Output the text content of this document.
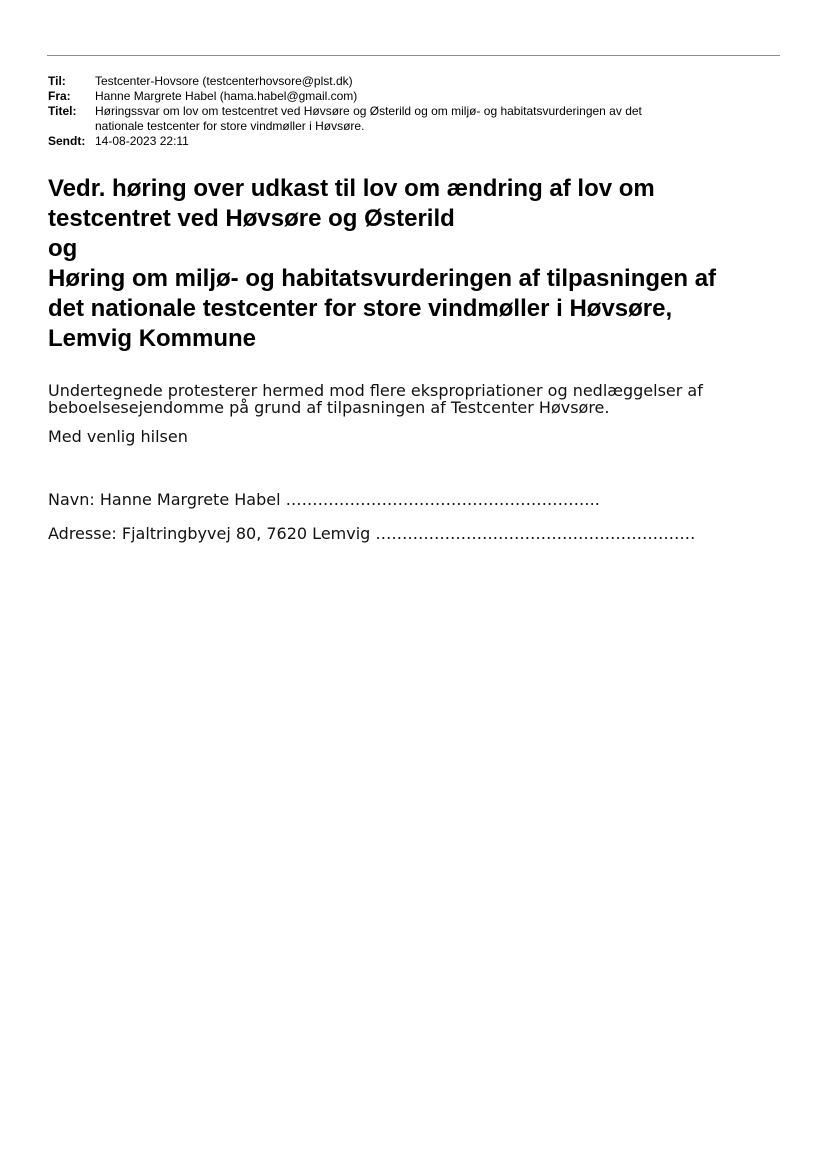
Til:	Testcenter-Hovsore (testcenterhovsore@plst.dk)
Fra:	Hanne Margrete Habel (hama.habel@gmail.com)
Titel:	Høringssvar om lov om testcentret ved Høvsøre og Østerild og om miljø- og habitatsvurderingen av det
nationale testcenter for store vindmøller i Høvsøre.
Sendt: 14-08-2023 22:11
Vedr. høring over udkast til lov om ændring af lov om
testcentret ved Høvsøre og Østerild
og
Høring om miljø- og habitatsvurderingen af tilpasningen af
det nationale testcenter for store vindmøller i Høvsøre,
Lemvig Kommune
Undertegnede protesterer hermed mod flere ekspropriationer og nedlæggelser af
beboelsesejendomme på grund af tilpasningen af Testcenter Høvsøre.
Med venlig hilsen
Navn: Hanne Margrete Habel …………………………………………………..
Adresse: Fjaltringbyvej 80, 7620 Lemvig ……………………………………………………
